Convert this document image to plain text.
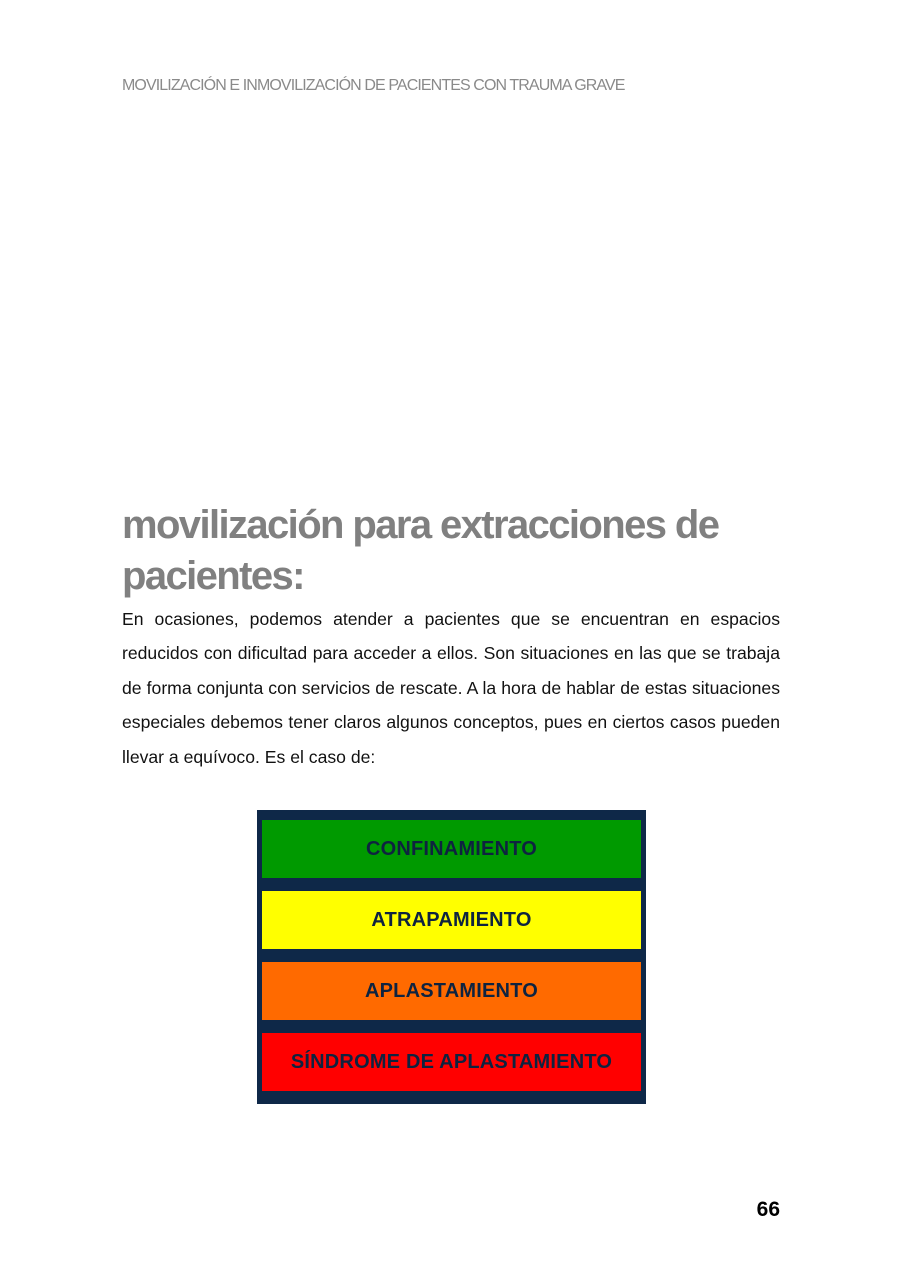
MOVILIZACIÓN E INMOVILIZACIÓN DE PACIENTES CON TRAUMA GRAVE
movilización para extracciones de pacientes:

En ocasiones, podemos atender a pacientes que se encuentran en espacios reducidos con dificultad para acceder a ellos. Son situaciones en las que se trabaja de forma conjunta con servicios de rescate. A la hora de hablar de estas situaciones especiales debemos tener claros algunos conceptos, pues en ciertos casos pueden llevar a equívoco. Es el caso de:

CONFINAMIENTO
ATRAPAMIENTO
APLASTAMIENTO
SÍNDROME DE APLASTAMIENTO
66
